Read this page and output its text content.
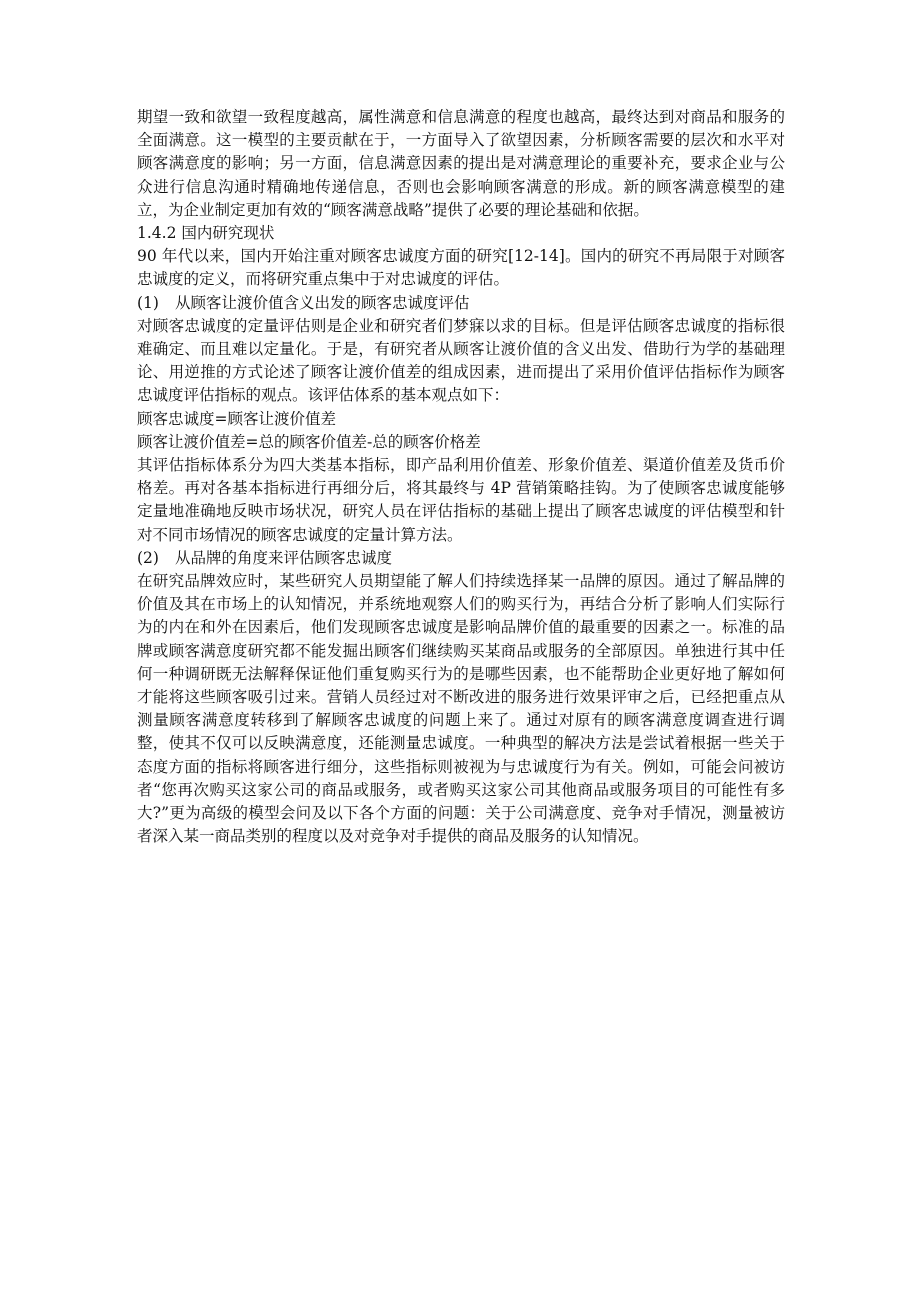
期望一致和欲望一致程度越高，属性满意和信息满意的程度也越高，最终达到对商品和服务的全面满意。这一模型的主要贡献在于，一方面导入了欲望因素，分析顾客需要的层次和水平对顾客满意度的影响；另一方面，信息满意因素的提出是对满意理论的重要补充，要求企业与公众进行信息沟通时精确地传递信息，否则也会影响顾客满意的形成。新的顾客满意模型的建立，为企业制定更加有效的“顾客满意战略”提供了必要的理论基础和依据。

1.4.2 国内研究现状

90 年代以来，国内开始注重对顾客忠诚度方面的研究[12-14]。国内的研究不再局限于对顾客忠诚度的定义，而将研究重点集中于对忠诚度的评估。

(1) 从顾客让渡价值含义出发的顾客忠诚度评估

对顾客忠诚度的定量评估则是企业和研究者们梦寐以求的目标。但是评估顾客忠诚度的指标很难确定、而且难以定量化。于是，有研究者从顾客让渡价值的含义出发、借助行为学的基础理论、用逆推的方式论述了顾客让渡价值差的组成因素，进而提出了采用价值评估指标作为顾客忠诚度评估指标的观点。该评估体系的基本观点如下：

顾客忠诚度=顾客让渡价值差

顾客让渡价值差=总的顾客价值差-总的顾客价格差

其评估指标体系分为四大类基本指标，即产品利用价值差、形象价值差、渠道价值差及货币价格差。再对各基本指标进行再细分后，将其最终与 4P 营销策略挂钩。为了使顾客忠诚度能够定量地准确地反映市场状况，研究人员在评估指标的基础上提出了顾客忠诚度的评估模型和针对不同市场情况的顾客忠诚度的定量计算方法。

(2) 从品牌的角度来评估顾客忠诚度

在研究品牌效应时，某些研究人员期望能了解人们持续选择某一品牌的原因。通过了解品牌的价值及其在市场上的认知情况，并系统地观察人们的购买行为，再结合分析了影响人们实际行为的内在和外在因素后，他们发现顾客忠诚度是影响品牌价值的最重要的因素之一。标准的品牌或顾客满意度研究都不能发掘出顾客们继续购买某商品或服务的全部原因。单独进行其中任何一种调研既无法解释保证他们重复购买行为的是哪些因素，也不能帮助企业更好地了解如何才能将这些顾客吸引过来。营销人员经过对不断改进的服务进行效果评审之后，已经把重点从测量顾客满意度转移到了解顾客忠诚度的问题上来了。通过对原有的顾客满意度调查进行调整，使其不仅可以反映满意度，还能测量忠诚度。一种典型的解决方法是尝试着根据一些关于态度方面的指标将顾客进行细分，这些指标则被视为与忠诚度行为有关。例如，可能会问被访者“您再次购买这家公司的商品或服务，或者购买这家公司其他商品或服务项目的可能性有多大?”更为高级的模型会问及以下各个方面的问题：关于公司满意度、竞争对手情况，测量被访者深入某一商品类别的程度以及对竞争对手提供的商品及服务的认知情况。
